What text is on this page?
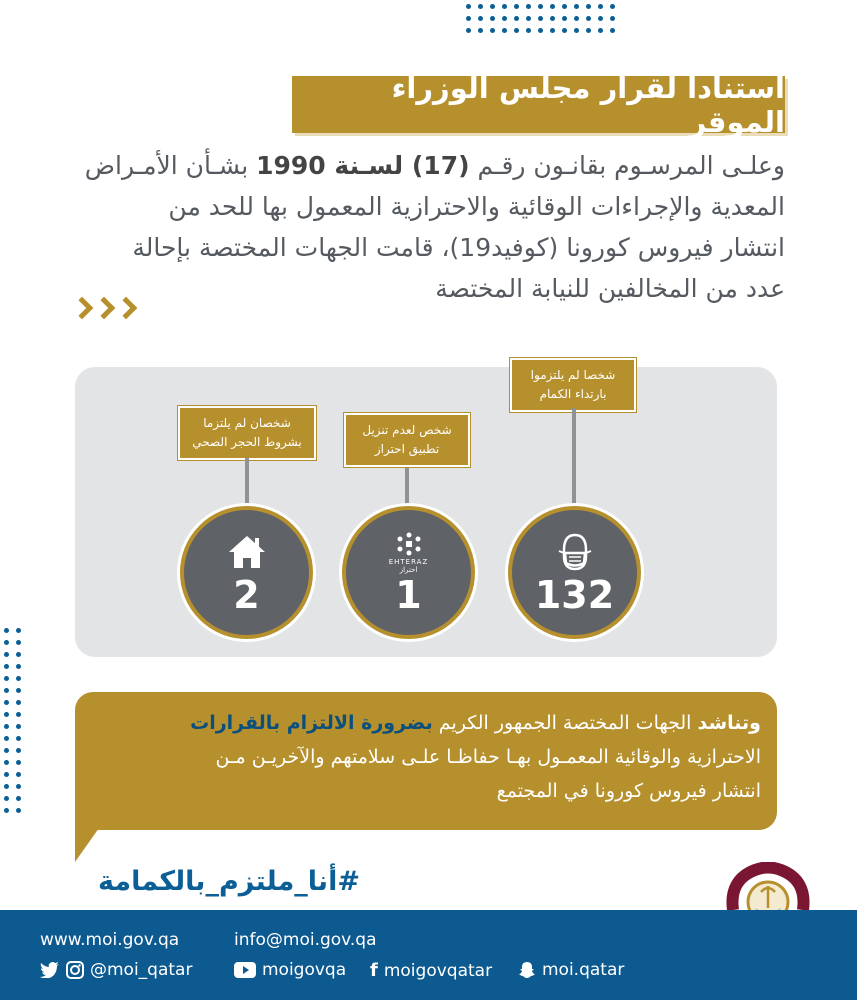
استنادا لقرار مجلس الوزراء الموقر
وعلـى المرسـوم بقانـون رقـم (17) لسـنة 1990 بشـأن الأمـراض
المعدية والإجراءات الوقائية والاحترازية المعمول بها للحد من
انتشار فيروس كورونا (كوفيد19)، قامت الجهات المختصة بإحالة
عدد من المخالفين للنيابة المختصة
شخصا لم يلتزموا
بارتداء الكمام
132
شخص لعدم تنزيل
تطبيق احتراز
EHTERAZ
احتراز
1
شخصان لم يلتزما
بشروط الحجر الصحي
2
وتناشد الجهات المختصة الجمهور الكريم بضرورة الالتزام بالقرارات
الاحترازية والوقائية المعمـول بهـا حفاظـا علـى سلامتهم والآخريـن مـن
انتشار فيروس كورونا في المجتمع
#أنا_ملتزم_بالكمامة
www.moi.gov.qa	info@moi.gov.qa
@moi_qatar	moigovqa f moigovqatar	moi.qatar
